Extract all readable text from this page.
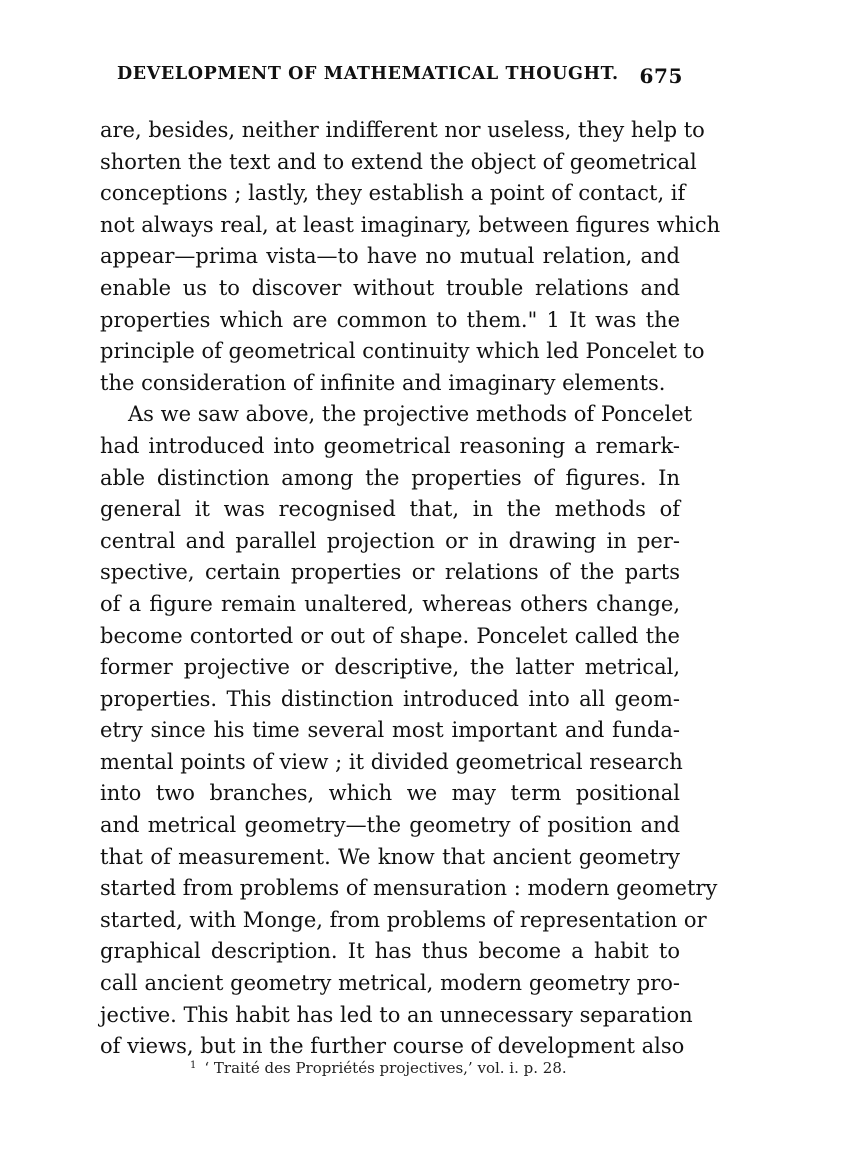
DEVELOPMENT OF MATHEMATICAL THOUGHT. 675
are, besides, neither indifferent nor useless, they help to
shorten the text and to extend the object of geometrical
conceptions ; lastly, they establish a point of contact, if
not always real, at least imaginary, between figures which
appear—prima vista—to have no mutual relation, and
enable us to discover without trouble relations and
properties which are common to them." 1 It was the
principle of geometrical continuity which led Poncelet to
the consideration of infinite and imaginary elements.
As we saw above, the projective methods of Poncelet
had introduced into geometrical reasoning a remark-
able distinction among the properties of figures. In
general it was recognised that, in the methods of
central and parallel projection or in drawing in per-
spective, certain properties or relations of the parts
of a figure remain unaltered, whereas others change,
become contorted or out of shape. Poncelet called the
former projective or descriptive, the latter metrical,
properties. This distinction introduced into all geom-
etry since his time several most important and funda-
mental points of view ; it divided geometrical research
into two branches, which we may term positional
and metrical geometry—the geometry of position and
that of measurement. We know that ancient geometry
started from problems of mensuration : modern geometry
started, with Monge, from problems of representation or
graphical description. It has thus become a habit to
call ancient geometry metrical, modern geometry pro-
jective. This habit has led to an unnecessary separation
of views, but in the further course of development also
$^1$ ‘ Traité des Propriétés projectives,’ vol. i. p. 28.
